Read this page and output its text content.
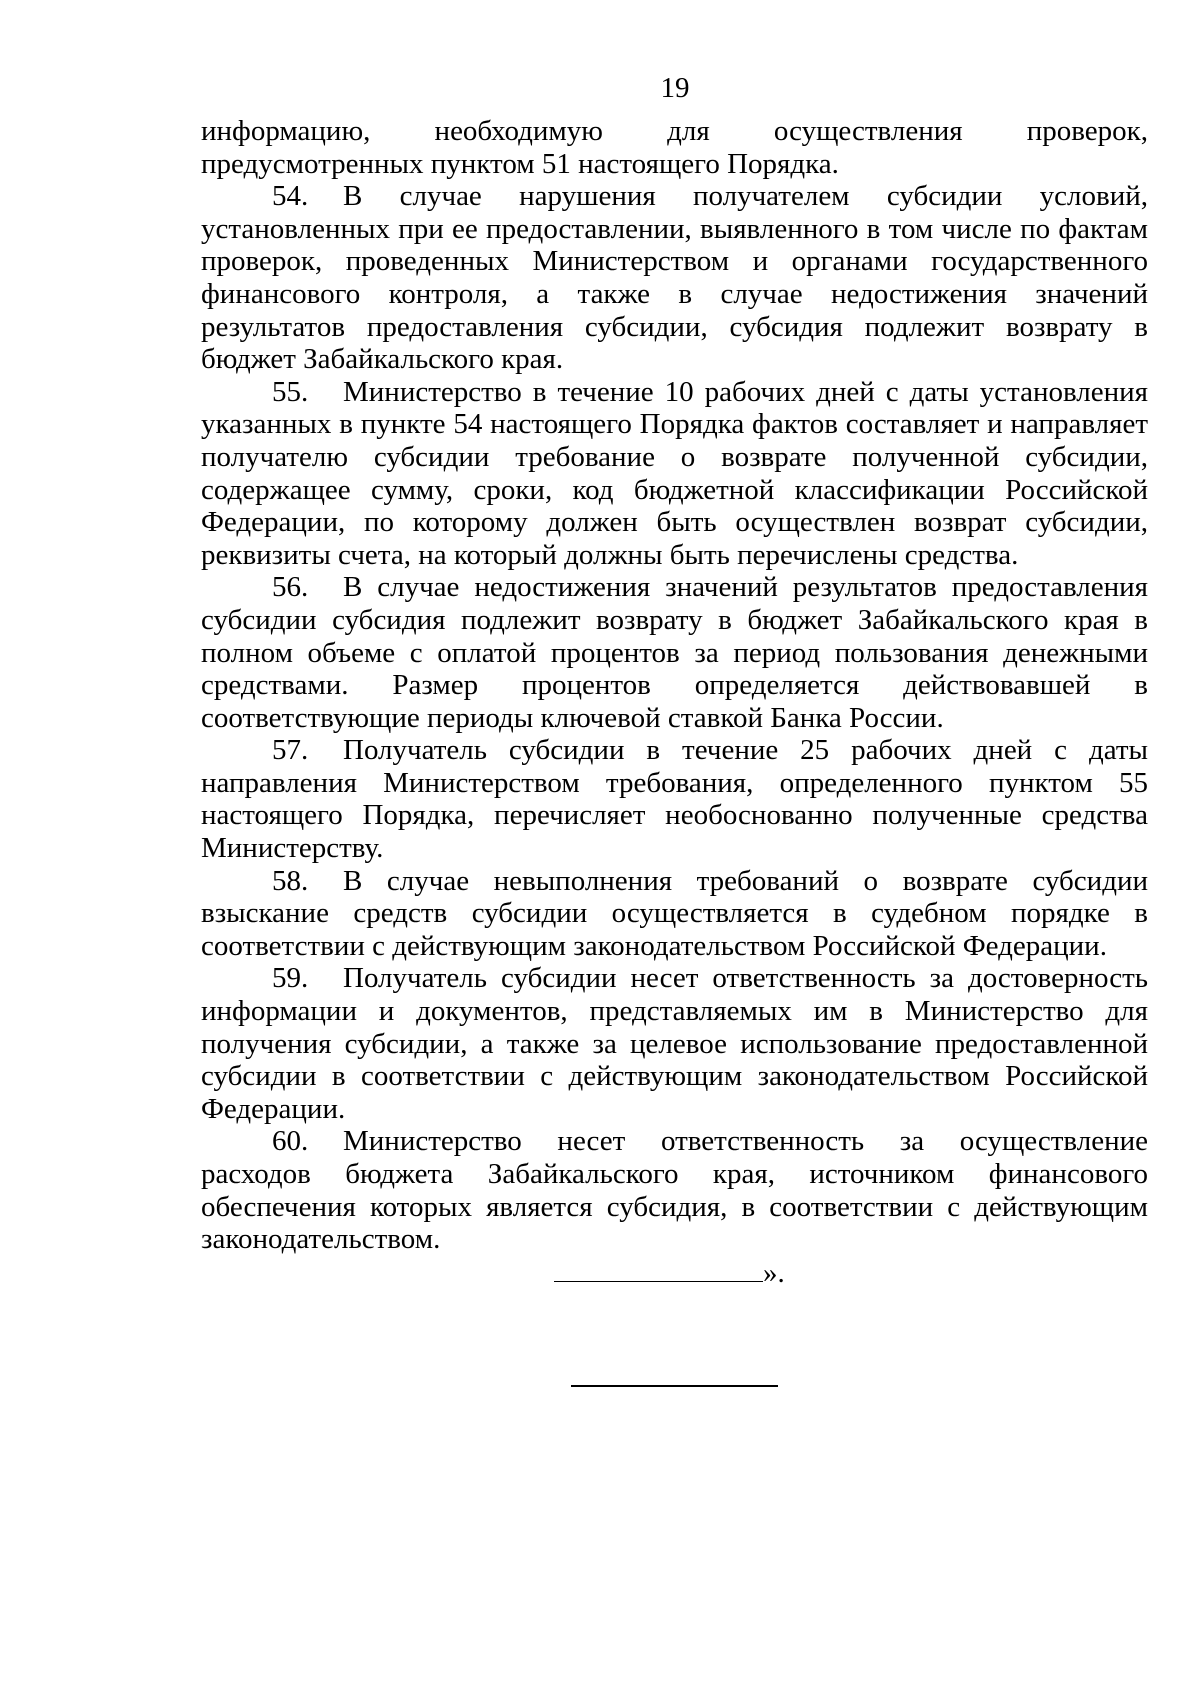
19

информацию, необходимую для осуществления проверок, предусмотренных пунктом 51 настоящего Порядка.

54. В случае нарушения получателем субсидии условий, установленных при ее предоставлении, выявленного в том числе по фактам проверок, проведенных Министерством и органами государственного финансового контроля, а также в случае недостижения значений результатов предоставления субсидии, субсидия подлежит возврату в бюджет Забайкальского края.

55. Министерство в течение 10 рабочих дней с даты установления указанных в пункте 54 настоящего Порядка фактов составляет и направляет получателю субсидии требование о возврате полученной субсидии, содержащее сумму, сроки, код бюджетной классификации Российской Федерации, по которому должен быть осуществлен возврат субсидии, реквизиты счета, на который должны быть перечислены средства.

56. В случае недостижения значений результатов предоставления субсидии субсидия подлежит возврату в бюджет Забайкальского края в полном объеме с оплатой процентов за период пользования денежными средствами. Размер процентов определяется действовавшей в соответствующие периоды ключевой ставкой Банка России.

57. Получатель субсидии в течение 25 рабочих дней с даты направления Министерством требования, определенного пунктом 55 настоящего Порядка, перечисляет необоснованно полученные средства Министерству.

58. В случае невыполнения требований о возврате субсидии взыскание средств субсидии осуществляется в судебном порядке в соответствии с действующим законодательством Российской Федерации.

59. Получатель субсидии несет ответственность за достоверность информации и документов, представляемых им в Министерство для получения субсидии, а также за целевое использование предоставленной субсидии в соответствии с действующим законодательством Российской Федерации.

60. Министерство несет ответственность за осуществление расходов бюджета Забайкальского края, источником финансового обеспечения которых является субсидия, в соответствии с действующим законодательством.

».
